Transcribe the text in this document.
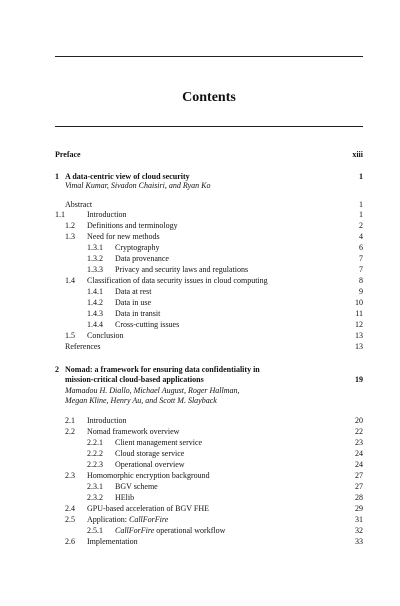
Contents
Preface	xiii
1 A data-centric view of cloud security	1
Vimal Kumar, Sivadon Chaisiri, and Ryan Ko
Abstract	1
1.1	Introduction	1
1.2 Definitions and terminology	2
1.3 Need for new methods	4
1.3.1 Cryptography	6
1.3.2 Data provenance	7
1.3.3 Privacy and security laws and regulations	7
1.4 Classification of data security issues in cloud computing	8
1.4.1 Data at rest	9
1.4.2 Data in use	10
1.4.3 Data in transit	11
1.4.4 Cross-cutting issues	12
1.5 Conclusion	13
References	13
2 Nomad: a framework for ensuring data confidentiality in
mission-critical cloud-based applications	19
Mamadou H. Diallo, Michael August, Roger Hallman,
Megan Kline, Henry Au, and Scott M. Slayback
2.1 Introduction	20
2.2 Nomad framework overview	22
2.2.1 Client management service	23
2.2.2 Cloud storage service	24
2.2.3 Operational overview	24
2.3 Homomorphic encryption background	27
2.3.1 BGV scheme	27
2.3.2 HElib	28
2.4 GPU-based acceleration of BGV FHE	29
2.5 Application: CallForFire	31
2.5.1 CallForFire operational workflow	32
2.6 Implementation	33
